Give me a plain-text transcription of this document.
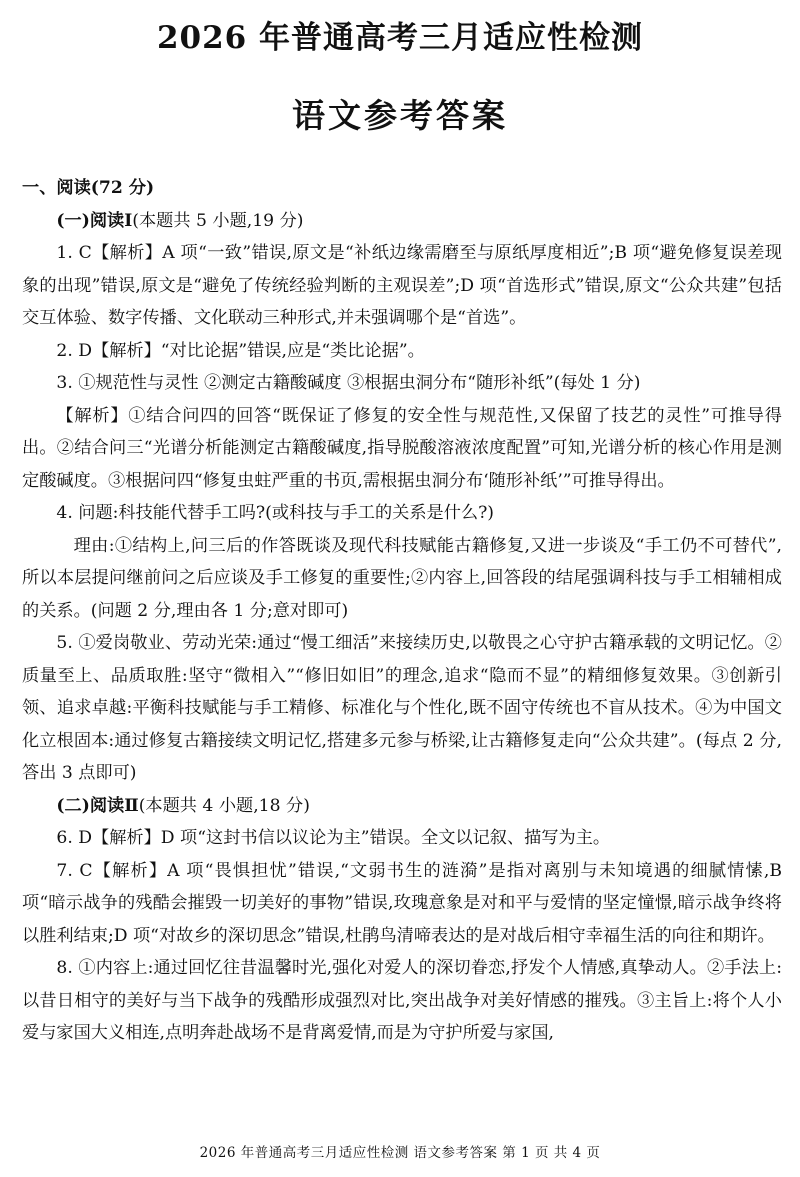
2026 年普通高考三月适应性检测
语文参考答案

一、阅读(72 分)

(一)阅读Ⅰ(本题共 5 小题,19 分)

1. C【解析】A 项“一致”错误,原文是“补纸边缘需磨至与原纸厚度相近”;B 项“避免修复误差现象的出现”错误,原文是“避免了传统经验判断的主观误差”;D 项“首选形式”错误,原文“公众共建”包括交互体验、数字传播、文化联动三种形式,并未强调哪个是“首选”。

2. D【解析】“对比论据”错误,应是“类比论据”。

3. ①规范性与灵性 ②测定古籍酸碱度 ③根据虫洞分布“随形补纸”(每处 1 分)

【解析】①结合问四的回答“既保证了修复的安全性与规范性,又保留了技艺的灵性”可推导得出。②结合问三“光谱分析能测定古籍酸碱度,指导脱酸溶液浓度配置”可知,光谱分析的核心作用是测定酸碱度。③根据问四“修复虫蛀严重的书页,需根据虫洞分布‘随形补纸’”可推导得出。

4. 问题:科技能代替手工吗?(或科技与手工的关系是什么?)

理由:①结构上,问三后的作答既谈及现代科技赋能古籍修复,又进一步谈及“手工仍不可替代”,所以本层提问继前问之后应谈及手工修复的重要性;②内容上,回答段的结尾强调科技与手工相辅相成的关系。(问题 2 分,理由各 1 分;意对即可)

5. ①爱岗敬业、劳动光荣:通过“慢工细活”来接续历史,以敬畏之心守护古籍承载的文明记忆。②质量至上、品质取胜:坚守“微相入”“修旧如旧”的理念,追求“隐而不显”的精细修复效果。③创新引领、追求卓越:平衡科技赋能与手工精修、标准化与个性化,既不固守传统也不盲从技术。④为中国文化立根固本:通过修复古籍接续文明记忆,搭建多元参与桥梁,让古籍修复走向“公众共建”。(每点 2 分,答出 3 点即可)

(二)阅读Ⅱ(本题共 4 小题,18 分)

6. D【解析】D 项“这封书信以议论为主”错误。全文以记叙、描写为主。

7. C【解析】A 项“畏惧担忧”错误,“文弱书生的涟漪”是指对离别与未知境遇的细腻情愫,B 项“暗示战争的残酷会摧毁一切美好的事物”错误,玫瑰意象是对和平与爱情的坚定憧憬,暗示战争终将以胜利结束;D 项“对故乡的深切思念”错误,杜鹃鸟清啼表达的是对战后相守幸福生活的向往和期许。

8. ①内容上:通过回忆往昔温馨时光,强化对爱人的深切眷恋,抒发个人情感,真挚动人。②手法上:以昔日相守的美好与当下战争的残酷形成强烈对比,突出战争对美好情感的摧残。③主旨上:将个人小爱与家国大义相连,点明奔赴战场不是背离爱情,而是为守护所爱与家国,

2026 年普通高考三月适应性检测 语文参考答案 第 1 页 共 4 页
